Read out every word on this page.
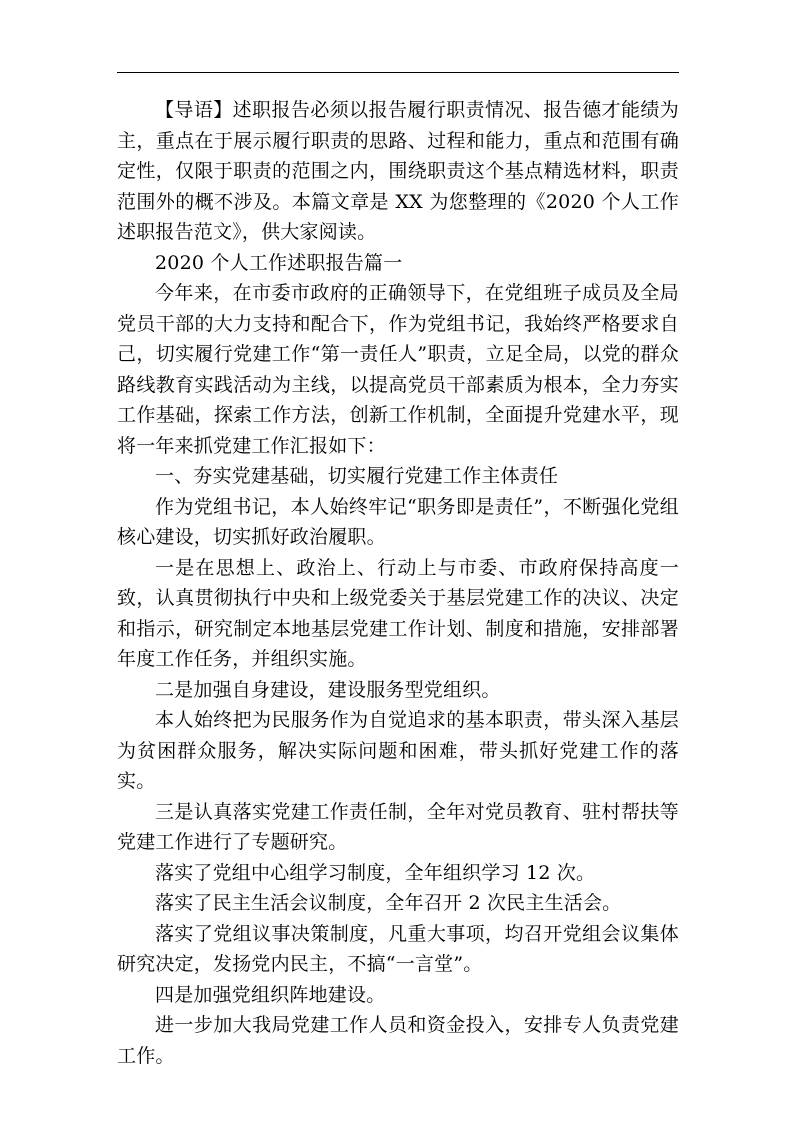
【导语】述职报告必须以报告履行职责情况、报告德才能绩为主，重点在于展示履行职责的思路、过程和能力，重点和范围有确定性，仅限于职责的范围之内，围绕职责这个基点精选材料，职责范围外的概不涉及。本篇文章是 XX 为您整理的《2020 个人工作述职报告范文》，供大家阅读。

2020 个人工作述职报告篇一

今年来，在市委市政府的正确领导下，在党组班子成员及全局党员干部的大力支持和配合下，作为党组书记，我始终严格要求自己，切实履行党建工作“第一责任人”职责，立足全局，以党的群众路线教育实践活动为主线，以提高党员干部素质为根本，全力夯实工作基础，探索工作方法，创新工作机制，全面提升党建水平，现将一年来抓党建工作汇报如下：

一、夯实党建基础，切实履行党建工作主体责任

作为党组书记，本人始终牢记“职务即是责任”，不断强化党组核心建设，切实抓好政治履职。

一是在思想上、政治上、行动上与市委、市政府保持高度一致，认真贯彻执行中央和上级党委关于基层党建工作的决议、决定和指示，研究制定本地基层党建工作计划、制度和措施，安排部署年度工作任务，并组织实施。

二是加强自身建设，建设服务型党组织。

本人始终把为民服务作为自觉追求的基本职责，带头深入基层为贫困群众服务，解决实际问题和困难，带头抓好党建工作的落实。

三是认真落实党建工作责任制，全年对党员教育、驻村帮扶等党建工作进行了专题研究。

落实了党组中心组学习制度，全年组织学习 12 次。

落实了民主生活会议制度，全年召开 2 次民主生活会。

落实了党组议事决策制度，凡重大事项，均召开党组会议集体研究决定，发扬党内民主，不搞“一言堂”。

四是加强党组织阵地建设。

进一步加大我局党建工作人员和资金投入，安排专人负责党建工作。
